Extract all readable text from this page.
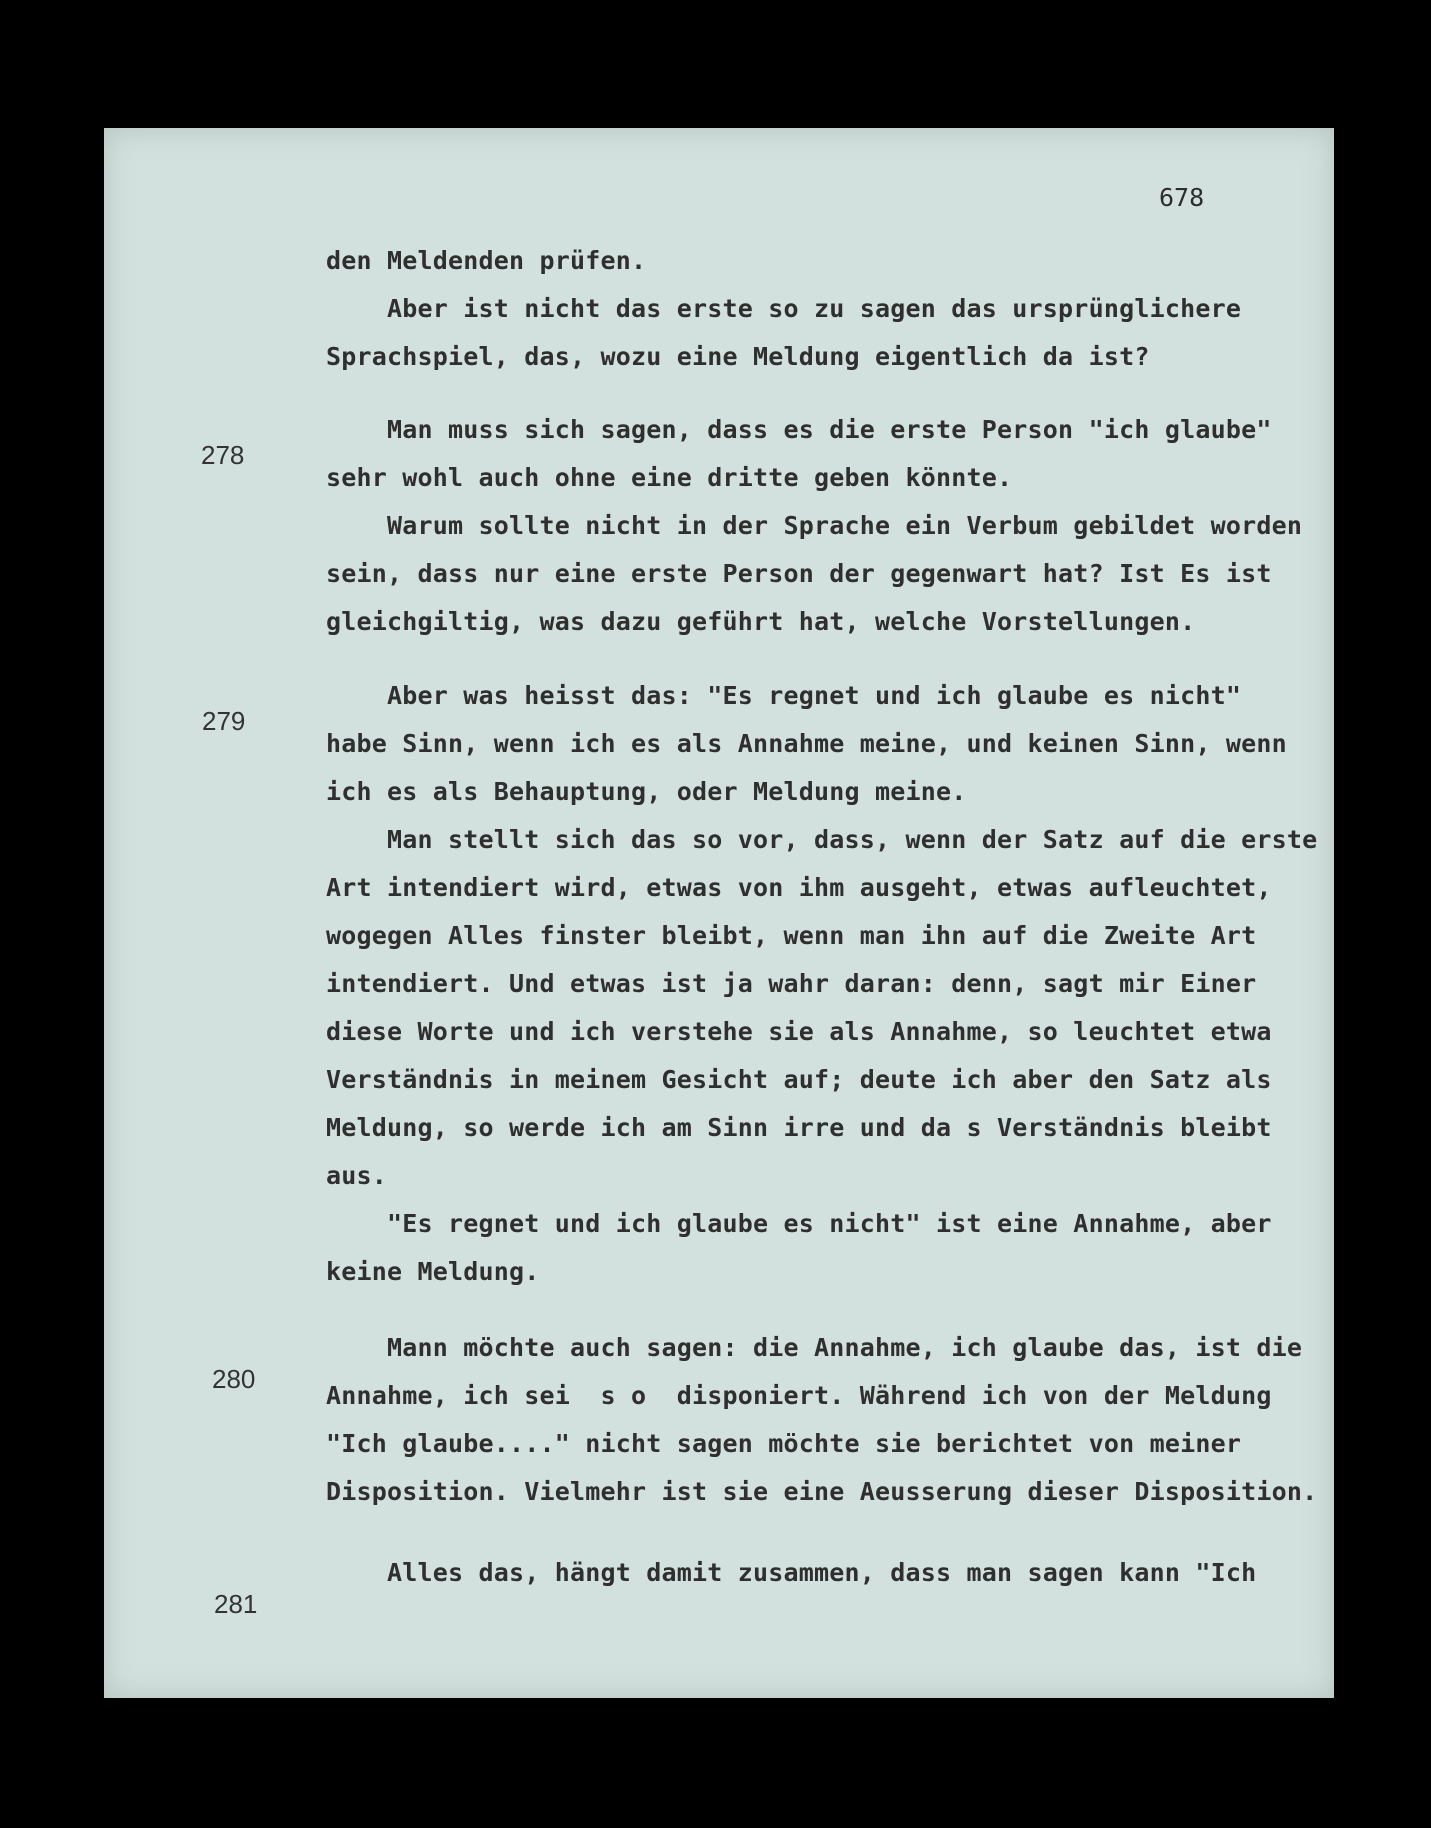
678
278
279
280
281
den Meldenden prüfen.
Aber ist nicht das erste so zu sagen das ursprünglichere
Sprachspiel, das, wozu eine Meldung eigentlich da ist?
Man muss sich sagen, dass es die erste Person "ich glaube"
sehr wohl auch ohne eine dritte geben könnte.
Warum sollte nicht in der Sprache ein Verbum gebildet worden
sein, dass nur eine erste Person der gegenwart hat? Ist Es ist
gleichgiltig, was dazu geführt hat, welche Vorstellungen.
Aber was heisst das: "Es regnet und ich glaube es nicht"
habe Sinn, wenn ich es als Annahme meine, und keinen Sinn, wenn
ich es als Behauptung, oder Meldung meine.
Man stellt sich das so vor, dass, wenn der Satz auf die erste
Art intendiert wird, etwas von ihm ausgeht, etwas aufleuchtet,
wogegen Alles finster bleibt, wenn man ihn auf die Zweite Art
intendiert. Und etwas ist ja wahr daran: denn, sagt mir Einer
diese Worte und ich verstehe sie als Annahme, so leuchtet etwa
Verständnis in meinem Gesicht auf; deute ich aber den Satz als
Meldung, so werde ich am Sinn irre und da s Verständnis bleibt
aus.
"Es regnet und ich glaube es nicht" ist eine Annahme, aber
keine Meldung.
Mann möchte auch sagen: die Annahme, ich glaube das, ist die
Annahme, ich sei  s o  disponiert. Während ich von der Meldung
"Ich glaube...." nicht sagen möchte sie berichtet von meiner
Disposition. Vielmehr ist sie eine Aeusserung dieser Disposition.
Alles das, hängt damit zusammen, dass man sagen kann "Ich
